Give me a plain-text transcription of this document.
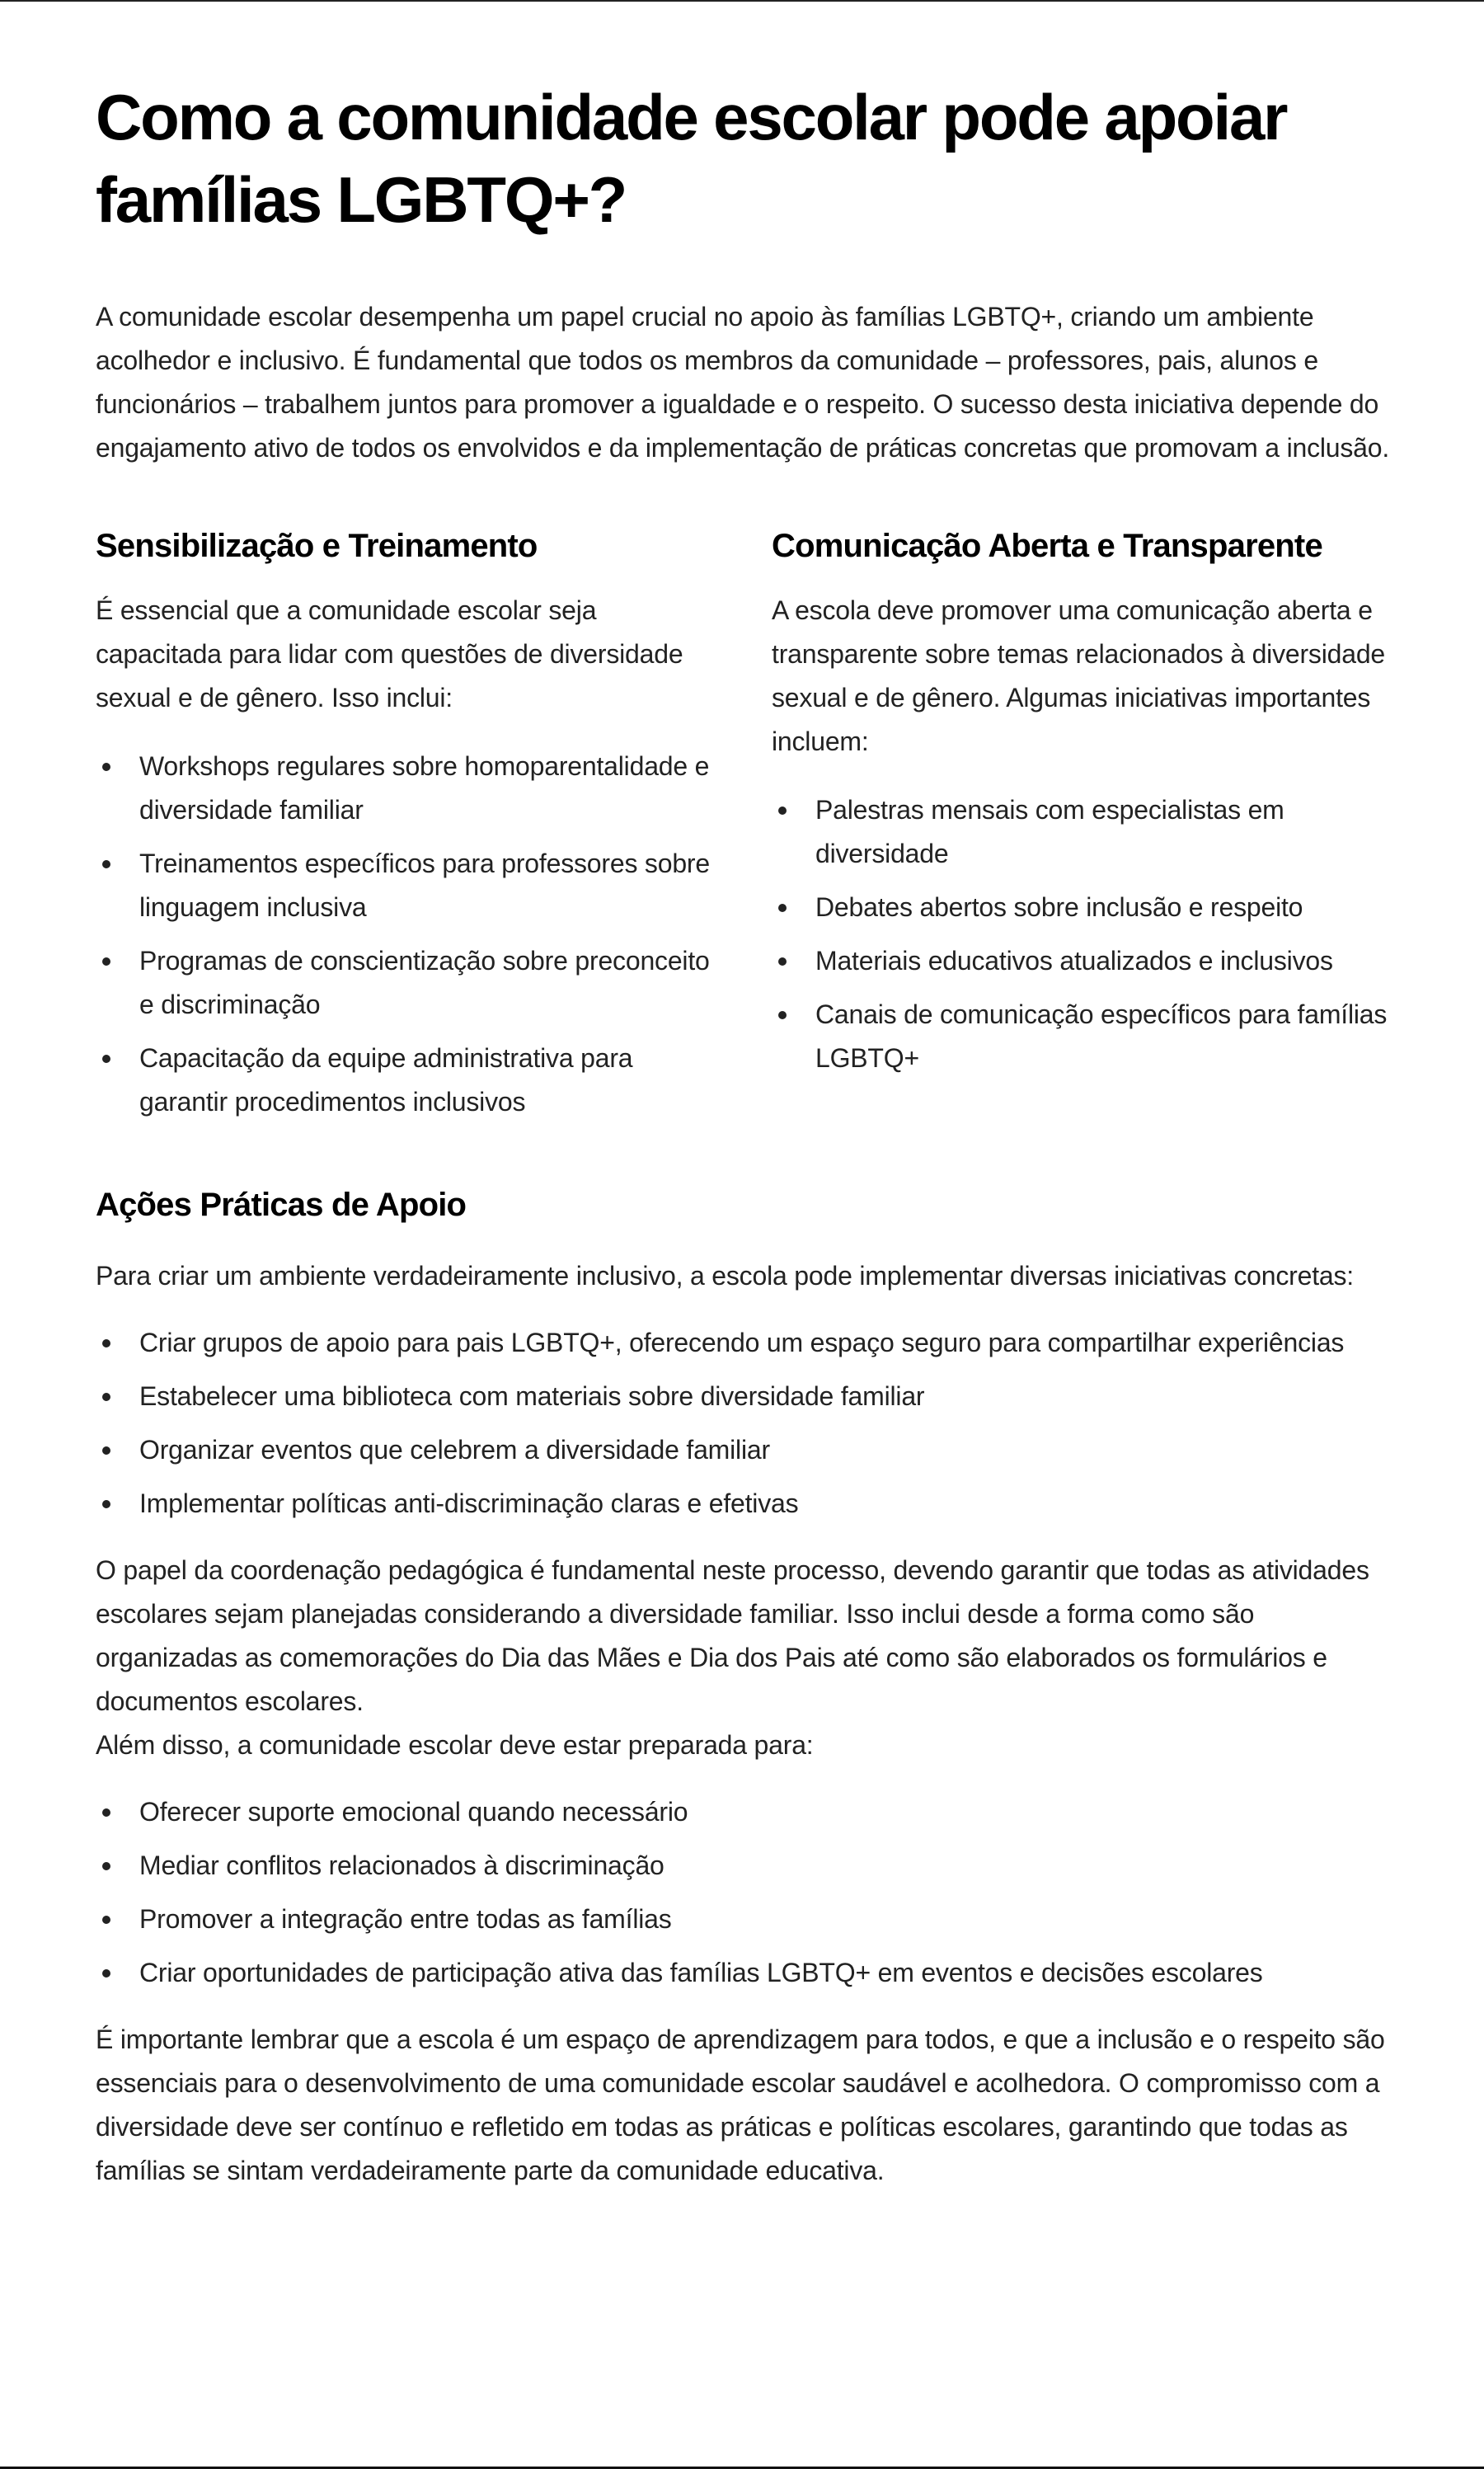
Como a comunidade escolar pode apoiar famílias LGBTQ+?

A comunidade escolar desempenha um papel crucial no apoio às famílias LGBTQ+, criando um ambiente acolhedor e inclusivo. É fundamental que todos os membros da comunidade – professores, pais, alunos e funcionários – trabalhem juntos para promover a igualdade e o respeito. O sucesso desta iniciativa depende do engajamento ativo de todos os envolvidos e da implementação de práticas concretas que promovam a inclusão.

Sensibilização e Treinamento

É essencial que a comunidade escolar seja capacitada para lidar com questões de diversidade sexual e de gênero. Isso inclui:

Workshops regulares sobre homoparentalidade e diversidade familiar
Treinamentos específicos para professores sobre linguagem inclusiva
Programas de conscientização sobre preconceito e discriminação
Capacitação da equipe administrativa para garantir procedimentos inclusivos
Comunicação Aberta e Transparente

A escola deve promover uma comunicação aberta e transparente sobre temas relacionados à diversidade sexual e de gênero. Algumas iniciativas importantes incluem:

Palestras mensais com especialistas em diversidade
Debates abertos sobre inclusão e respeito
Materiais educativos atualizados e inclusivos
Canais de comunicação específicos para famílias LGBTQ+
Ações Práticas de Apoio

Para criar um ambiente verdadeiramente inclusivo, a escola pode implementar diversas iniciativas concretas:

Criar grupos de apoio para pais LGBTQ+, oferecendo um espaço seguro para compartilhar experiências
Estabelecer uma biblioteca com materiais sobre diversidade familiar
Organizar eventos que celebrem a diversidade familiar
Implementar políticas anti-discriminação claras e efetivas

O papel da coordenação pedagógica é fundamental neste processo, devendo garantir que todas as atividades escolares sejam planejadas considerando a diversidade familiar. Isso inclui desde a forma como são organizadas as comemorações do Dia das Mães e Dia dos Pais até como são elaborados os formulários e documentos escolares.

Além disso, a comunidade escolar deve estar preparada para:

Oferecer suporte emocional quando necessário
Mediar conflitos relacionados à discriminação
Promover a integração entre todas as famílias
Criar oportunidades de participação ativa das famílias LGBTQ+ em eventos e decisões escolares

É importante lembrar que a escola é um espaço de aprendizagem para todos, e que a inclusão e o respeito são essenciais para o desenvolvimento de uma comunidade escolar saudável e acolhedora. O compromisso com a diversidade deve ser contínuo e refletido em todas as práticas e políticas escolares, garantindo que todas as famílias se sintam verdadeiramente parte da comunidade educativa.
